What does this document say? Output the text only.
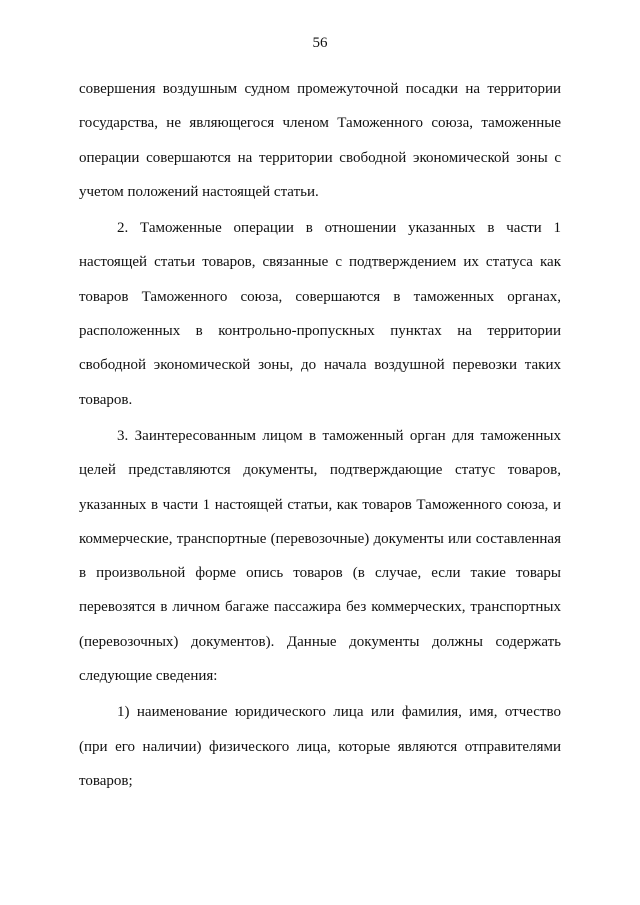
56
совершения воздушным судном промежуточной посадки на территории
государства, не являющегося членом Таможенного союза, таможенные
операции совершаются на территории свободной экономической зоны с
учетом положений настоящей статьи.
2. Таможенные операции в отношении указанных в части 1
настоящей статьи товаров, связанные с подтверждением их статуса как
товаров Таможенного союза, совершаются в таможенных органах,
расположенных в контрольно-пропускных пунктах на территории
свободной экономической зоны, до начала воздушной перевозки таких
товаров.
3. Заинтересованным лицом в таможенный орган для таможенных
целей представляются документы, подтверждающие статус товаров,
указанных в части 1 настоящей статьи, как товаров Таможенного союза, и
коммерческие, транспортные (перевозочные) документы или составленная
в произвольной форме опись товаров (в случае, если такие товары
перевозятся в личном багаже пассажира без коммерческих, транспортных
(перевозочных) документов). Данные документы должны содержать
следующие сведения:
1) наименование юридического лица или фамилия, имя, отчество
(при его наличии) физического лица, которые являются отправителями
товаров;
